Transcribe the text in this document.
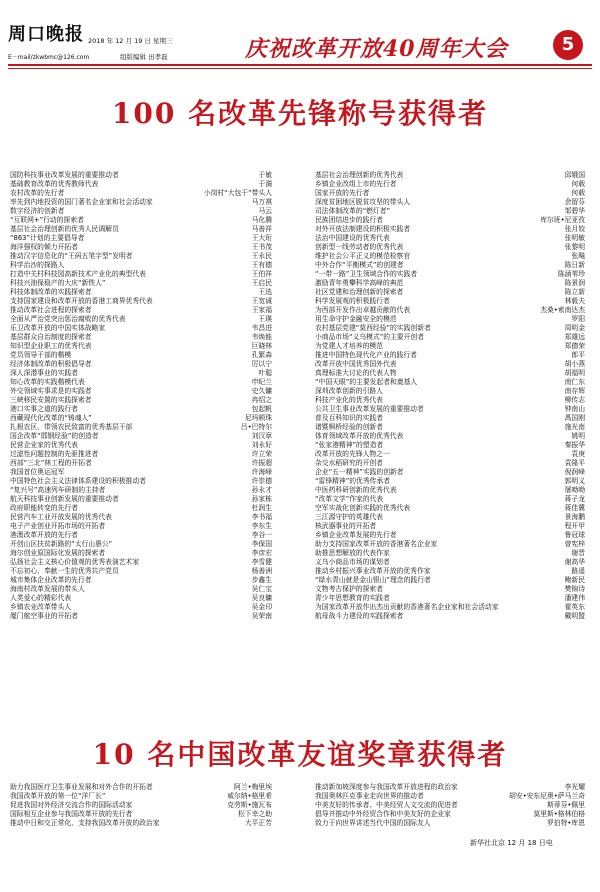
周口晚报 2018 年 12 月 19 日 星期三
E－mail/zkwbmc@126.com	组版编辑 田孝磊	庆祝改革开放40周年大会	5
100 名改革先锋称号获得者
国防科技事业改革发展的重要推动者	于敏
基础教育改革的优秀教师代表	于漪
农村改革的先行者	小岗村“大包干”带头人
率先到内地投资的国门著名企业家和社会活动家	马万祺
数字经济的创新者	马云
“互联网+”行动的探索者	马化腾
基层社会治理创新的优秀人民调解员	马善祥
“863”计划的主要倡导者	王大珩
海洋强权的倾力开拓者	王书茂
推动汉字信息化的“王码五笔字型”发明者	王永民
科学治沙的探路人	王有德
打造中关村科技园高新技术产业化的典型代表	王伯祥
科技兴油保稳产的大庆“新铁人”	王启民
科技体制改革的实践探索者	王选
支持国家建设和改革开放的香港工商界优秀代表	王宽诚
推动改革社会进程的探索者	王家福
全面从严治党突出惩治腐败的优秀代表	王瑛
乐卫改革开放的中国实体战略家	韦昌进
基层群众自治制度的探索者	韦焕能
知识型企业职工的优秀代表	巨晓林
党员领导干部的楷模	孔繁森
经济体制改革的积极倡导者	厉以宁
深人深潜事业的实践者	叶聪
知心改革的实践楷模代表	申纪兰
外交领域实事求是的实践者	史久镛
三峡移民安置的实践探索者	冉绍之
港口实事之道的践行者	包起帆
西藏现代化改革的“铸魂人”	尼玛顿珠
扎根农区、带领农民致富的优秀基层干部	吕•巴特尔
国企改革“邯钢经验”的创造者	刘汉章
民营企业家的优秀代表	刘永好
过滤性问题控制的先驱推进者	许立荣
西部“三北”林工程的开拓者	许振超
我国首位奥运冠军	许海峰
中国特色社会主义法律体系建设的积极推动者	许崇德
“复兴号”高速列车研制的主持者	孙永才
航天科技事业创新发展的重要推动者	孙家栋
政府职能转变的先行者	杜润生
民营汽车工业开放发展的优秀代表	李书福
电子产业创业开拓市场的开拓者	李东生
港澳改革开放的先行者	李谷一
开创山区扶贫新路的“太行山愚公”	李保国
海尔创业原国际化发展的探索者	李彦宏
弘扬社会主义核心价值观的优秀表演艺术家	李雪健
不忘初心、奉献一生的优秀共产党员	杨善洲
城市集体企业改革的先行者	步鑫生
海南村改革发展的带头人	吴仁宝
人类爱心的精彩代表	吴良镛
乡镇农业改革带头人	吴金印
厦门航空事业的开拓者	吴荣南
基层社会治理创新的优秀代表	邱娥国
乡镇企业改组上市的先行者	何载
国家开放的先行者	何载
深度贫困地区脱贫攻坚的带头人	余留芬
司法体制改革的“燃灯者”	邹碧华
民族团结进步的践行者	库尔班•尼亚孜
对外开放法制建设的积极实践者	张月姣
法治中国建设的优秀代表	张明敏
创新型一线劳动者的优秀代表	张黎明
维护社会公平正义的模范检察官	张飚
中外合作“平衡模式”的创建者	陈日新
“一带一路”卫生领域合作的实践者	陈涵苇珍
激励青年勇攀科学高峰的典范	陈景润
社区党建和治理创新的探索者	陈立新
科学发展观的积极践行者	林毅夫
为西部开发作出卓越贡献的代表	杰桑•索南达杰
用生命守护金融安全的模范	罗阳
农村基层党建“莫西经验”的实践创新者	周明金
小商品市场“义乌模式”的主要开创者	郑雄远
为党建人才培养的模范	郑德荣
推进中国特色现代化产业的践行者	郎平
改革开放中国优秀国外代表	胡小燕
真理标准大讨论的代表人物	胡福明
“中国天眼”的主要发起者和奠基人	南仁东
深圳改革创新的引路人	南存辉
科技产业化的优秀代表	柳传志
公共卫生事业改革发展的重要推动者	钟南山
普及百科知识的实践者	禹国刚
诸暨枫桥经验的创新者	施光南
体育领域改革开放的优秀代表	姚明
“张家港精神”的塑造者	秦振华
改革开放的先锋人物之一	袁庚
杂交水稻研究的开创者	袁隆平
企业“五一精神”实践的创新者	倪润峰
“雷锋精神”的优秀传承者	郭明义
中医药科研创新的优秀代表	屠呦呦
“改革文学”作家的代表	蒋子龙
空军实战化创新实践的优秀代表	蒋佳冀
三江源守护的英雄代表	景海鹏
核武器事业的开拓者	程开甲
乡镇企业改革发展的先行者	鲁冠球
助力支持国家改革开放的香港著名企业家	曾宪梓
助推思想解放的代表作家	谢晋
义乌小商品市场的谋划者	谢高华
推动乡村振兴事业改革开放的优秀作家	路遥
“绿水青山就是金山银山”理念的践行者	鲍新民
文物考古保护的探索者	樊锦诗
青少年思想教育的实践者	潘建伟
为国家改革开放作出杰出贡献的香港著名企业家和社会活动家	霍英东
航母战斗力建设的实践探索者	戴明盟
10 名中国改革友谊奖章获得者
助力我国医疗卫生事业发展和对外合作的开拓者	阿兰•梅里埃
我国改革开放的第一位“洋厂长”	威尔纳•格里希
促进我国对外经济交流合作的国际活动家	克劳斯•施瓦布
国际相互企业参与我国改革开放的先行者	松下幸之助
推动中日和交正常化、支持我国改革开放的政治家	大平正芳
推动新加坡深度参与我国改革开放进程的政治家	李光耀
我国奥林匹克事业走向世界的推动者	胡安•安东尼奥•萨马兰奇
中美友好的传承者、中美经贸人文交流的促进者	斯蒂芬•佩里
倡导并推动中外经贸合作和中美友好的企业家	莫里斯•格林伯格
致力于向世界讲述当代中国的国际友人	罗伯特•库恩
新华社北京 12 月 18 日电
